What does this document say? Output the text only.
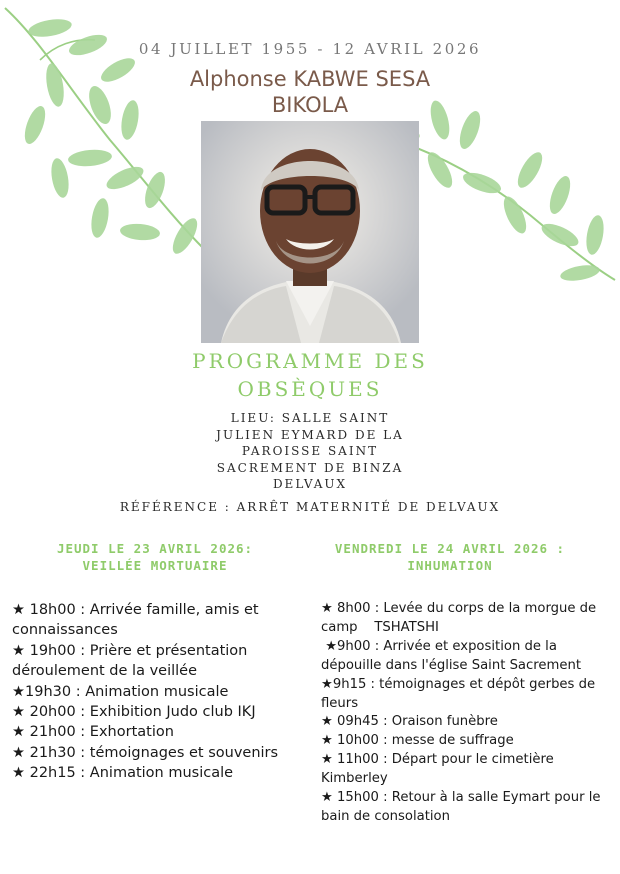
04 JUILLET 1955 - 12 AVRIL 2026
Alphonse KABWE SESA
BIKOLA
PROGRAMME DES
OBSÈQUES
LIEU: SALLE SAINT
JULIEN EYMARD DE LA
PAROISSE SAINT
SACREMENT DE BINZA
DELVAUX
RÉFÉRENCE : ARRÊT MATERNITÉ DE DELVAUX
JEUDI LE 23 AVRIL 2026:
VEILLÉE MORTUAIRE
VENDREDI LE 24 AVRIL 2026 :
INHUMATION
★ 18h00 : Arrivée famille, amis et connaissances
★ 19h00 : Prière et présentation déroulement de la veillée
★19h30 : Animation musicale
★ 20h00 : Exhibition Judo club IKJ
★ 21h00 : Exhortation
★ 21h30 : témoignages et souvenirs
★ 22h15 : Animation musicale
★ 8h00 : Levée du corps de la morgue de camp    TSHATSHI
★9h00 : Arrivée et exposition de la dépouille dans l'église Saint Sacrement
★9h15 : témoignages et dépôt gerbes de fleurs
★ 09h45 : Oraison funèbre
★ 10h00 : messe de suffrage
★ 11h00 : Départ pour le cimetière Kimberley
★ 15h00 : Retour à la salle Eymart pour le bain de consolation
